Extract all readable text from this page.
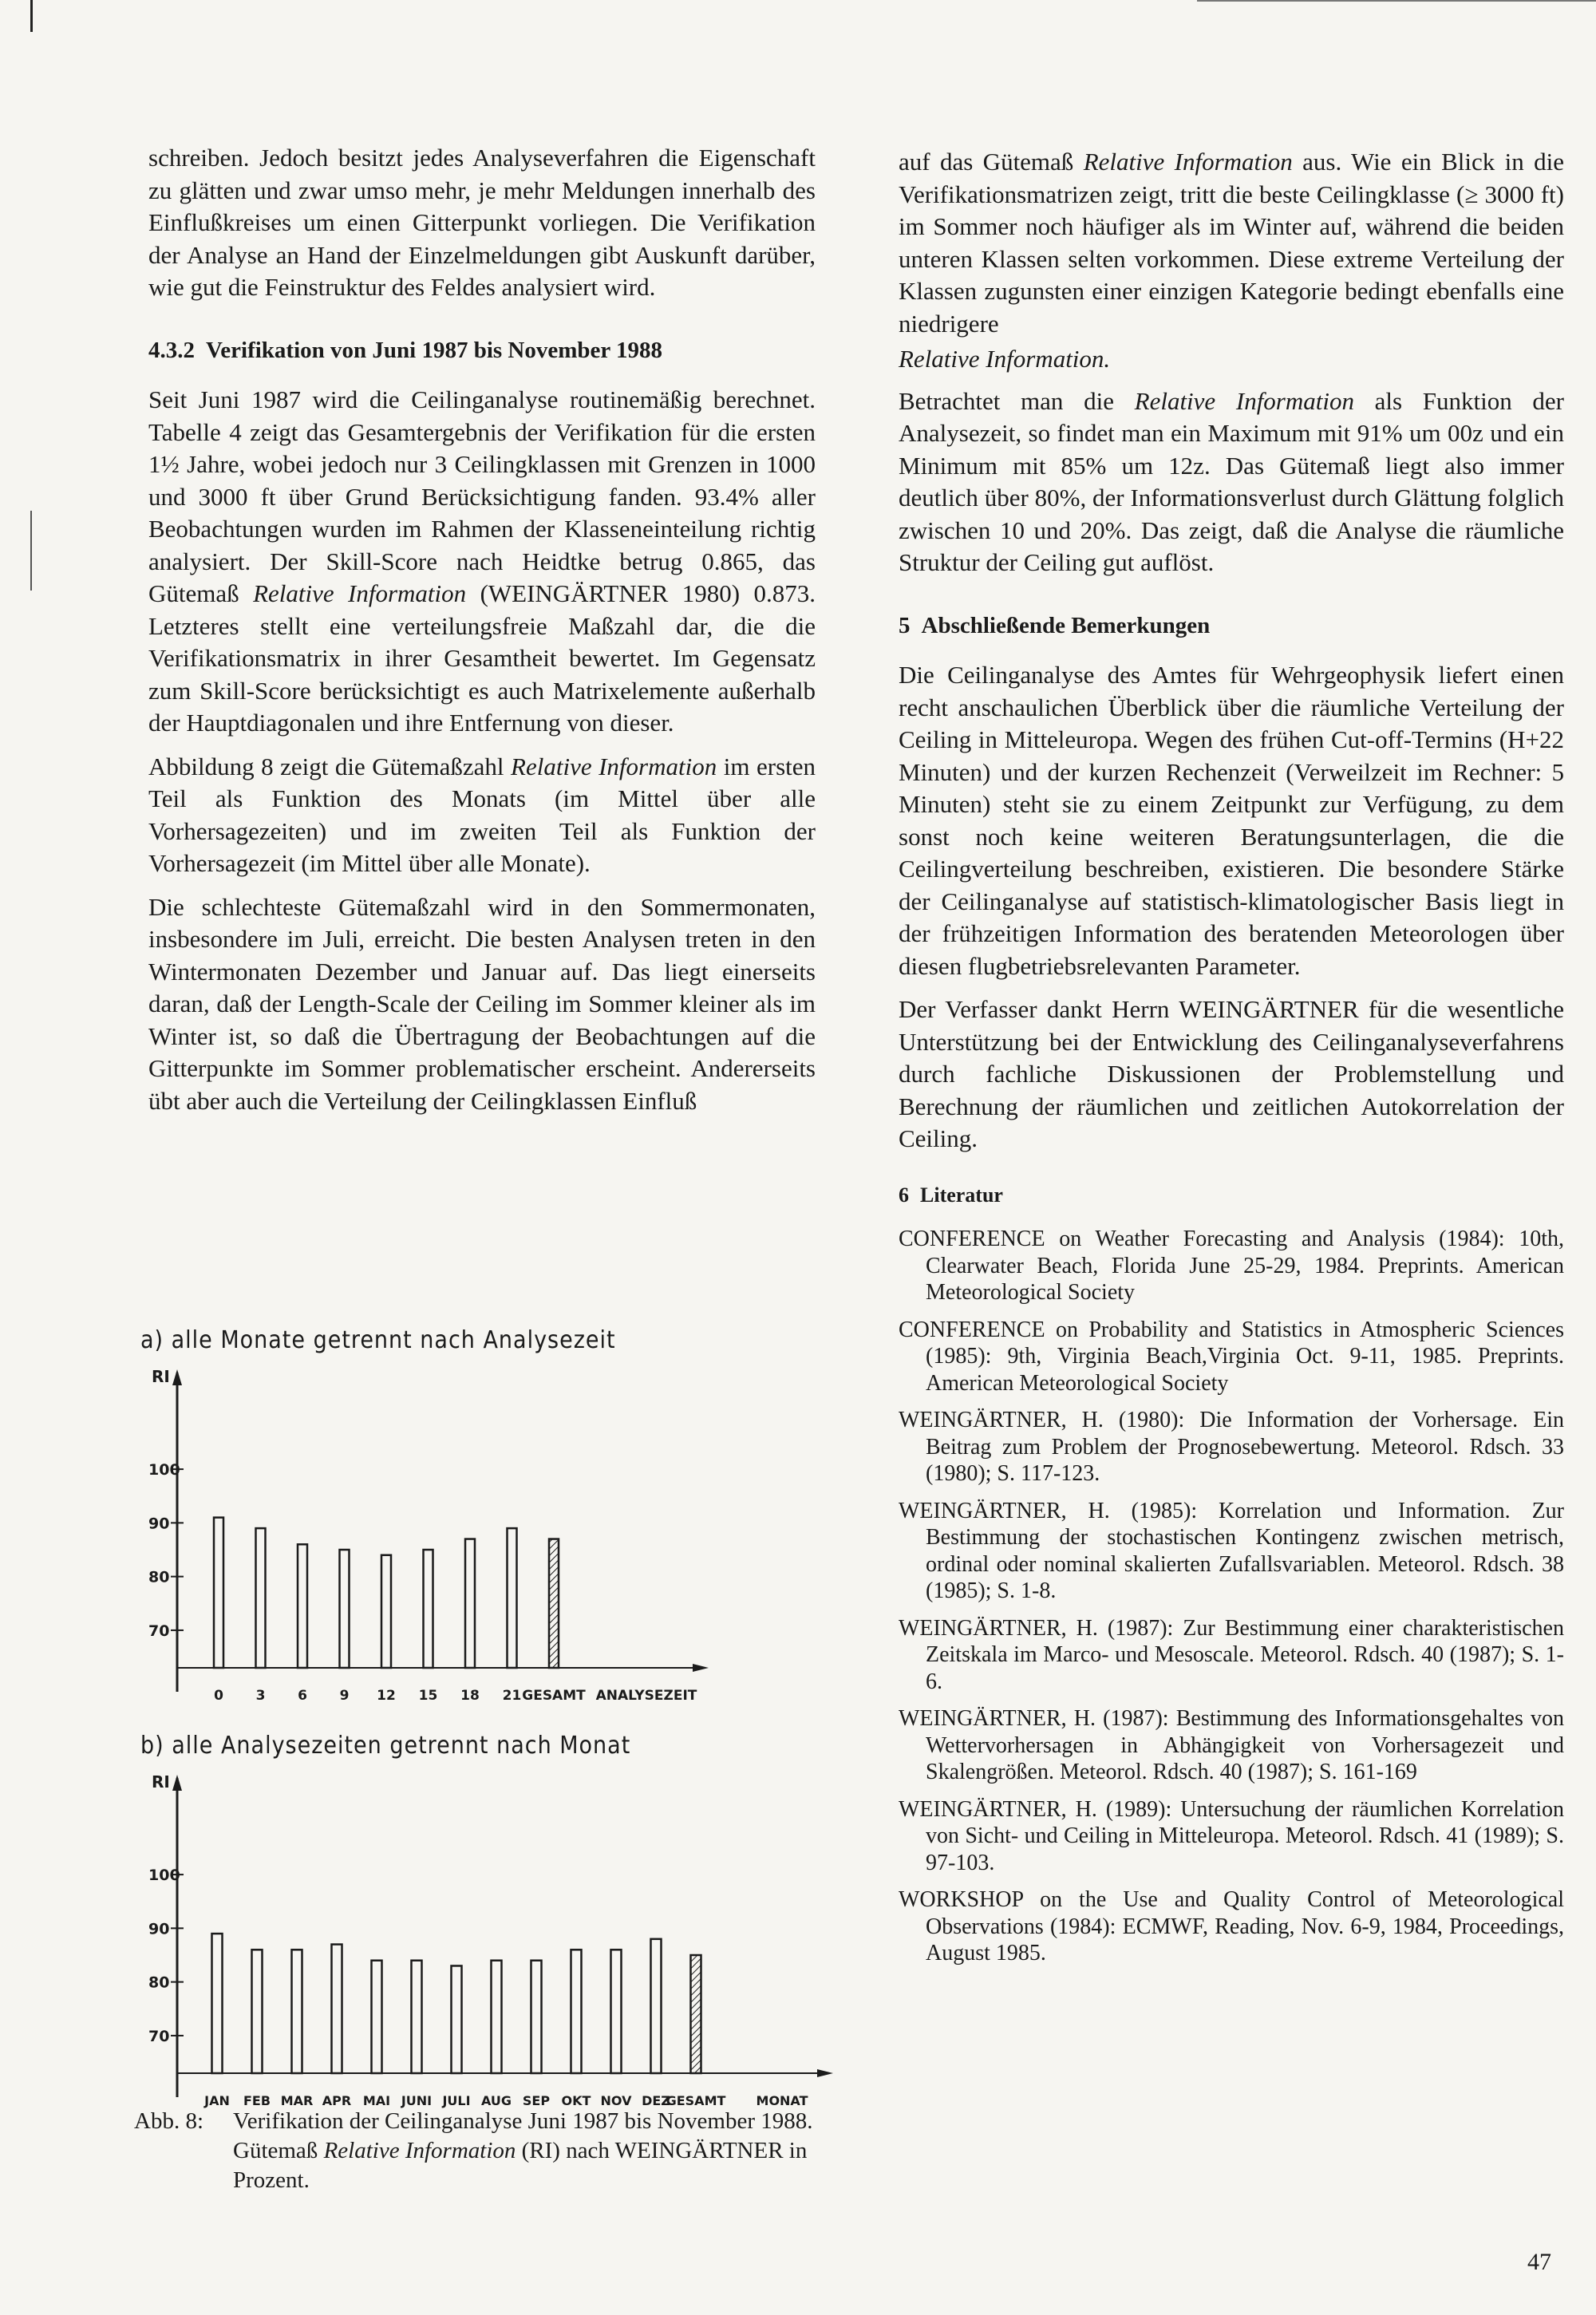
schreiben. Jedoch besitzt jedes Analyseverfahren die Eigenschaft zu glätten und zwar umso mehr, je mehr Meldungen innerhalb des Einflußkreises um einen Gitterpunkt vorliegen. Die Verifikation der Analyse an Hand der Einzelmeldungen gibt Auskunft darüber, wie gut die Feinstruktur des Feldes analysiert wird.

4.3.2 Verifikation von Juni 1987 bis November 1988

Seit Juni 1987 wird die Ceilinganalyse routinemäßig berechnet. Tabelle 4 zeigt das Gesamtergebnis der Verifikation für die ersten 1½ Jahre, wobei jedoch nur 3 Ceilingklassen mit Grenzen in 1000 und 3000 ft über Grund Berücksichtigung fanden. 93.4% aller Beobachtungen wurden im Rahmen der Klasseneinteilung richtig analysiert. Der Skill-Score nach Heidtke betrug 0.865, das Gütemaß Relative Information (WEINGÄRTNER 1980) 0.873. Letzteres stellt eine verteilungsfreie Maßzahl dar, die die Verifikationsmatrix in ihrer Gesamtheit bewertet. Im Gegensatz zum Skill-Score berücksichtigt es auch Matrixelemente außerhalb der Hauptdiagonalen und ihre Entfernung von dieser.

Abbildung 8 zeigt die Gütemaßzahl Relative Information im ersten Teil als Funktion des Monats (im Mittel über alle Vorhersagezeiten) und im zweiten Teil als Funktion der Vorhersagezeit (im Mittel über alle Monate).

Die schlechteste Gütemaßzahl wird in den Sommermonaten, insbesondere im Juli, erreicht. Die besten Analysen treten in den Wintermonaten Dezember und Januar auf. Das liegt einerseits daran, daß der Length-Scale der Ceiling im Sommer kleiner als im Winter ist, so daß die Übertragung der Beobachtungen auf die Gitterpunkte im Sommer problematischer erscheint. Andererseits übt aber auch die Verteilung der Ceilingklassen Einfluß

a) alle Monate getrennt nach Analysezeit
RI
70
80
90
100
0 3 6 9 12 15 18 21 GESAMT ANALYSEZEIT
b) alle Analysezeiten getrennt nach Monat
RI
70
80
90
100
JAN FEB MAR APR MAI JUNI JULI AUG SEP OKT NOV DEZ
GESAMT MONAT
Abb. 8: Verifikation der Ceilinganalyse Juni 1987 bis November 1988. Gütemaß Relative Information (RI) nach WEINGÄRTNER in Prozent.

auf das Gütemaß Relative Information aus. Wie ein Blick in die Verifikationsmatrizen zeigt, tritt die beste Ceilingklasse (≥ 3000 ft) im Sommer noch häufiger als im Winter auf, während die beiden unteren Klassen selten vorkommen. Diese extreme Verteilung der Klassen zugunsten einer einzigen Kategorie bedingt ebenfalls eine niedrigere

Relative Information.

Betrachtet man die Relative Information als Funktion der Analysezeit, so findet man ein Maximum mit 91% um 00z und ein Minimum mit 85% um 12z. Das Gütemaß liegt also immer deutlich über 80%, der Informationsverlust durch Glättung folglich zwischen 10 und 20%. Das zeigt, daß die Analyse die räumliche Struktur der Ceiling gut auflöst.

5 Abschließende Bemerkungen

Die Ceilinganalyse des Amtes für Wehrgeophysik liefert einen recht anschaulichen Überblick über die räumliche Verteilung der Ceiling in Mitteleuropa. Wegen des frühen Cut-off-Termins (H+22 Minuten) und der kurzen Rechenzeit (Verweilzeit im Rechner: 5 Minuten) steht sie zu einem Zeitpunkt zur Verfügung, zu dem sonst noch keine weiteren Beratungsunterlagen, die die Ceilingverteilung beschreiben, existieren. Die besondere Stärke der Ceilinganalyse auf statistisch-klimatologischer Basis liegt in der frühzeitigen Information des beratenden Meteorologen über diesen flugbetriebsrelevanten Parameter.

Der Verfasser dankt Herrn WEINGÄRTNER für die wesentliche Unterstützung bei der Entwicklung des Ceilinganalyseverfahrens durch fachliche Diskussionen der Problemstellung und Berechnung der räumlichen und zeitlichen Autokorrelation der Ceiling.

6 Literatur

CONFERENCE on Weather Forecasting and Analysis (1984): 10th, Clearwater Beach, Florida June 25-29, 1984. Preprints. American Meteorological Society

CONFERENCE on Probability and Statistics in Atmospheric Sciences (1985): 9th, Virginia Beach,Virginia Oct. 9-11, 1985. Preprints. American Meteorological Society

WEINGÄRTNER, H. (1980): Die Information der Vorhersage. Ein Beitrag zum Problem der Prognosebewertung. Meteorol. Rdsch. 33 (1980); S. 117-123.

WEINGÄRTNER, H. (1985): Korrelation und Information. Zur Bestimmung der stochastischen Kontingenz zwischen metrisch, ordinal oder nominal skalierten Zufallsvariablen. Meteorol. Rdsch. 38 (1985); S. 1-8.

WEINGÄRTNER, H. (1987): Zur Bestimmung einer charakteristischen Zeitskala im Marco- und Mesoscale. Meteorol. Rdsch. 40 (1987); S. 1-6.

WEINGÄRTNER, H. (1987): Bestimmung des Informationsgehaltes von Wettervorhersagen in Abhängigkeit von Vorhersagezeit und Skalengrößen. Meteorol. Rdsch. 40 (1987); S. 161-169

WEINGÄRTNER, H. (1989): Untersuchung der räumlichen Korrelation von Sicht- und Ceiling in Mitteleuropa. Meteorol. Rdsch. 41 (1989); S. 97-103.

WORKSHOP on the Use and Quality Control of Meteorological Observations (1984): ECMWF, Reading, Nov. 6-9, 1984, Proceedings, August 1985.

47
